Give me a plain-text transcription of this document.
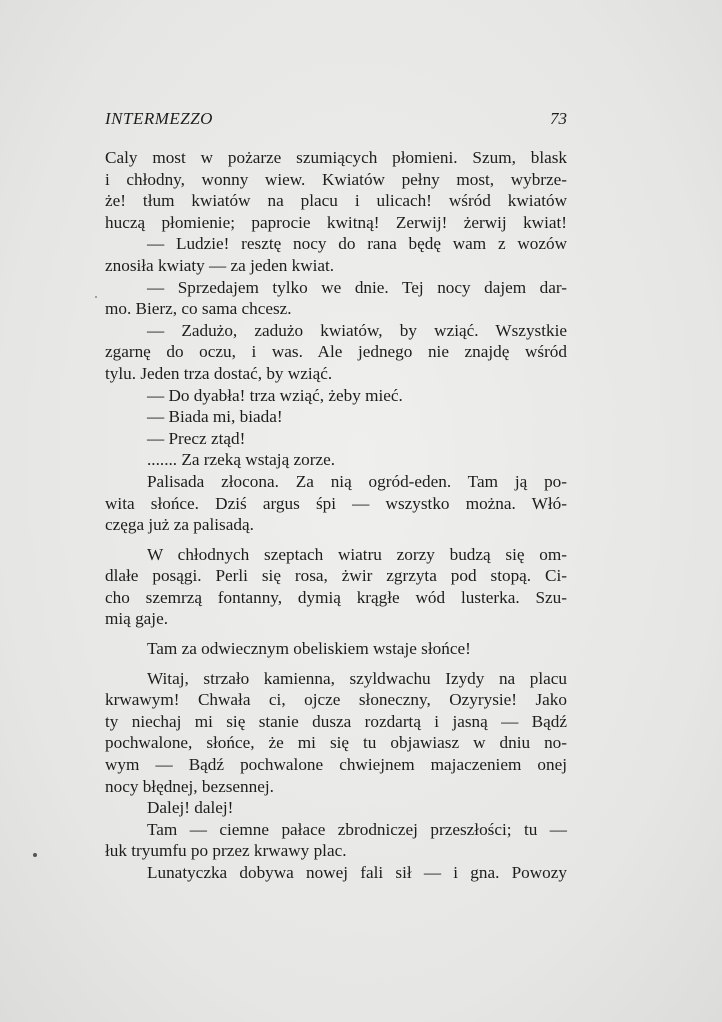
INTERMEZZO	73
Caly most w pożarze szumiących płomieni. Szum, blask
i chłodny, wonny wiew. Kwiatów pełny most, wybrze-
że! tłum kwiatów na placu i ulicach! wśród kwiatów
huczą płomienie; paprocie kwitną! Zerwij! żerwij kwiat!
— Ludzie! resztę nocy do rana będę wam z wozów
znosiła kwiaty — za jeden kwiat.
— Sprzedajem tylko we dnie. Tej nocy dajem dar-
mo. Bierz, co sama chcesz.
— Zadużo, zadużo kwiatów, by wziąć. Wszystkie
zgarnę do oczu, i was. Ale jednego nie znajdę wśród
tylu. Jeden trza dostać, by wziąć.
— Do dyabła! trza wziąć, żeby mieć.
— Biada mi, biada!
— Precz ztąd!
....... Za rzeką wstają zorze.
Palisada złocona. Za nią ogród-eden. Tam ją po-
wita słońce. Dziś argus śpi — wszystko można. Włó-
częga już za palisadą.
W chłodnych szeptach wiatru zorzy budzą się om-
dlałe posągi. Perli się rosa, żwir zgrzyta pod stopą. Ci-
cho szemrzą fontanny, dymią krągłe wód lusterka. Szu-
mią gaje.
Tam za odwiecznym obeliskiem wstaje słońce!
Witaj, strzało kamienna, szyldwachu Izydy na placu
krwawym! Chwała ci, ojcze słoneczny, Ozyrysie! Jako
ty niechaj mi się stanie dusza rozdartą i jasną — Bądź
pochwalone, słońce, że mi się tu objawiasz w dniu no-
wym — Bądź pochwalone chwiejnem majaczeniem onej
nocy błędnej, bezsennej.
Dalej! dalej!
Tam — ciemne pałace zbrodniczej przeszłości; tu —
łuk tryumfu po przez krwawy plac.
Lunatyczka dobywa nowej fali sił — i gna. Powozy
